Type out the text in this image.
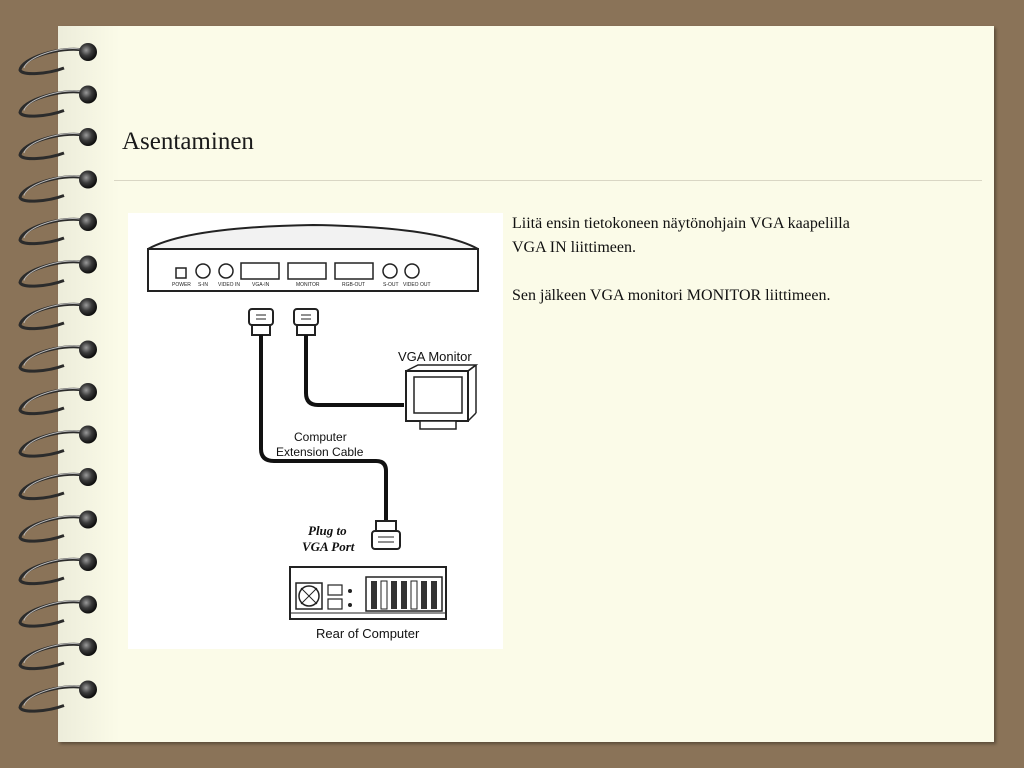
Asentaminen
POWER S-IN VIDEO IN VGA-IN	MONITOR	RGB-OUT	S-OUT VIDEO OUT
VGA Monitor
Computer
Extension Cable
Plug to
VGA Port
Rear of Computer

Liitä ensin tietokoneen näytönohjain VGA kaapelilla VGA IN liittimeen.

Sen jälkeen VGA monitori MONITOR liittimeen.
